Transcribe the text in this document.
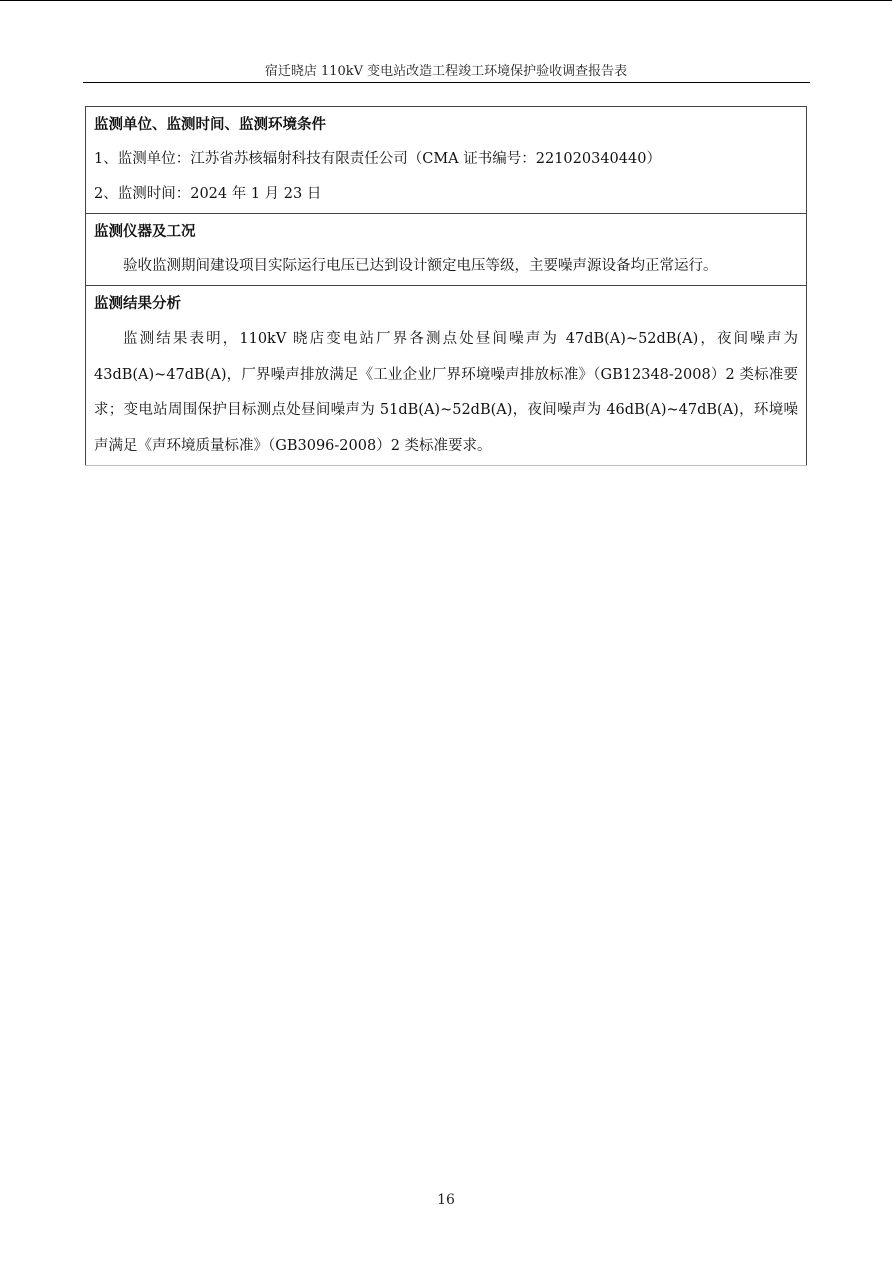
宿迁晓店 110kV 变电站改造工程竣工环境保护验收调查报告表
监测单位、监测时间、监测环境条件
1、监测单位：江苏省苏核辐射科技有限责任公司（CMA 证书编号：221020340440）
2、监测时间：2024 年 1 月 23 日

监测仪器及工况
验收监测期间建设项目实际运行电压已达到设计额定电压等级，主要噪声源设备均正常运行。

监测结果分析
监测结果表明，110kV 晓店变电站厂界各测点处昼间噪声为 47dB(A)~52dB(A)，夜间噪声为 43dB(A)~47dB(A)，厂界噪声排放满足《工业企业厂界环境噪声排放标准》（GB12348-2008）2 类标准要求；变电站周围保护目标测点处昼间噪声为 51dB(A)~52dB(A)，夜间噪声为 46dB(A)~47dB(A)，环境噪声满足《声环境质量标准》（GB3096-2008）2 类标准要求。
16
